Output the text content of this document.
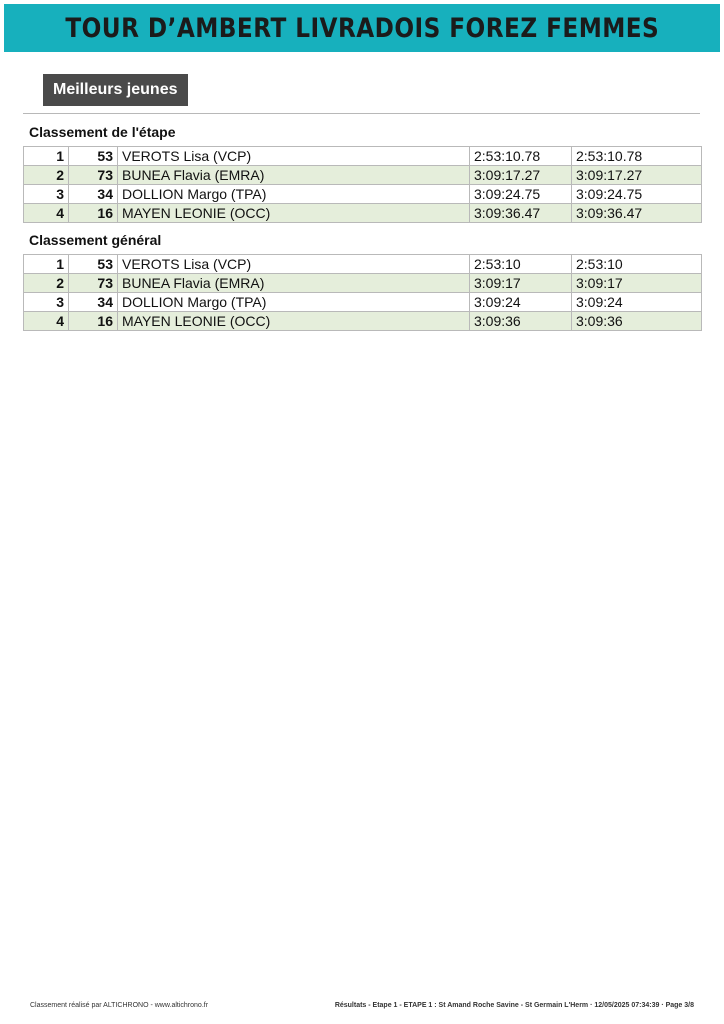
TOUR D’AMBERT LIVRADOIS FOREZ FEMMES
Meilleurs jeunes
Classement de l'étape
1	53	VEROTS Lisa (VCP)	2:53:10.78	2:53:10.78
2	73	BUNEA Flavia (EMRA)	3:09:17.27	3:09:17.27
3	34	DOLLION Margo (TPA)	3:09:24.75	3:09:24.75
4	16	MAYEN LEONIE (OCC)	3:09:36.47	3:09:36.47
Classement général
1	53	VEROTS Lisa (VCP)	2:53:10	2:53:10
2	73	BUNEA Flavia (EMRA)	3:09:17	3:09:17
3	34	DOLLION Margo (TPA)	3:09:24	3:09:24
4	16	MAYEN LEONIE (OCC)	3:09:36	3:09:36
Classement réalisé par ALTICHRONO - www.altichrono.fr	Résultats - Etape 1 - ETAPE 1 : St Amand Roche Savine - St Germain L'Herm · 12/05/2025 07:34:39 · Page 3/8
